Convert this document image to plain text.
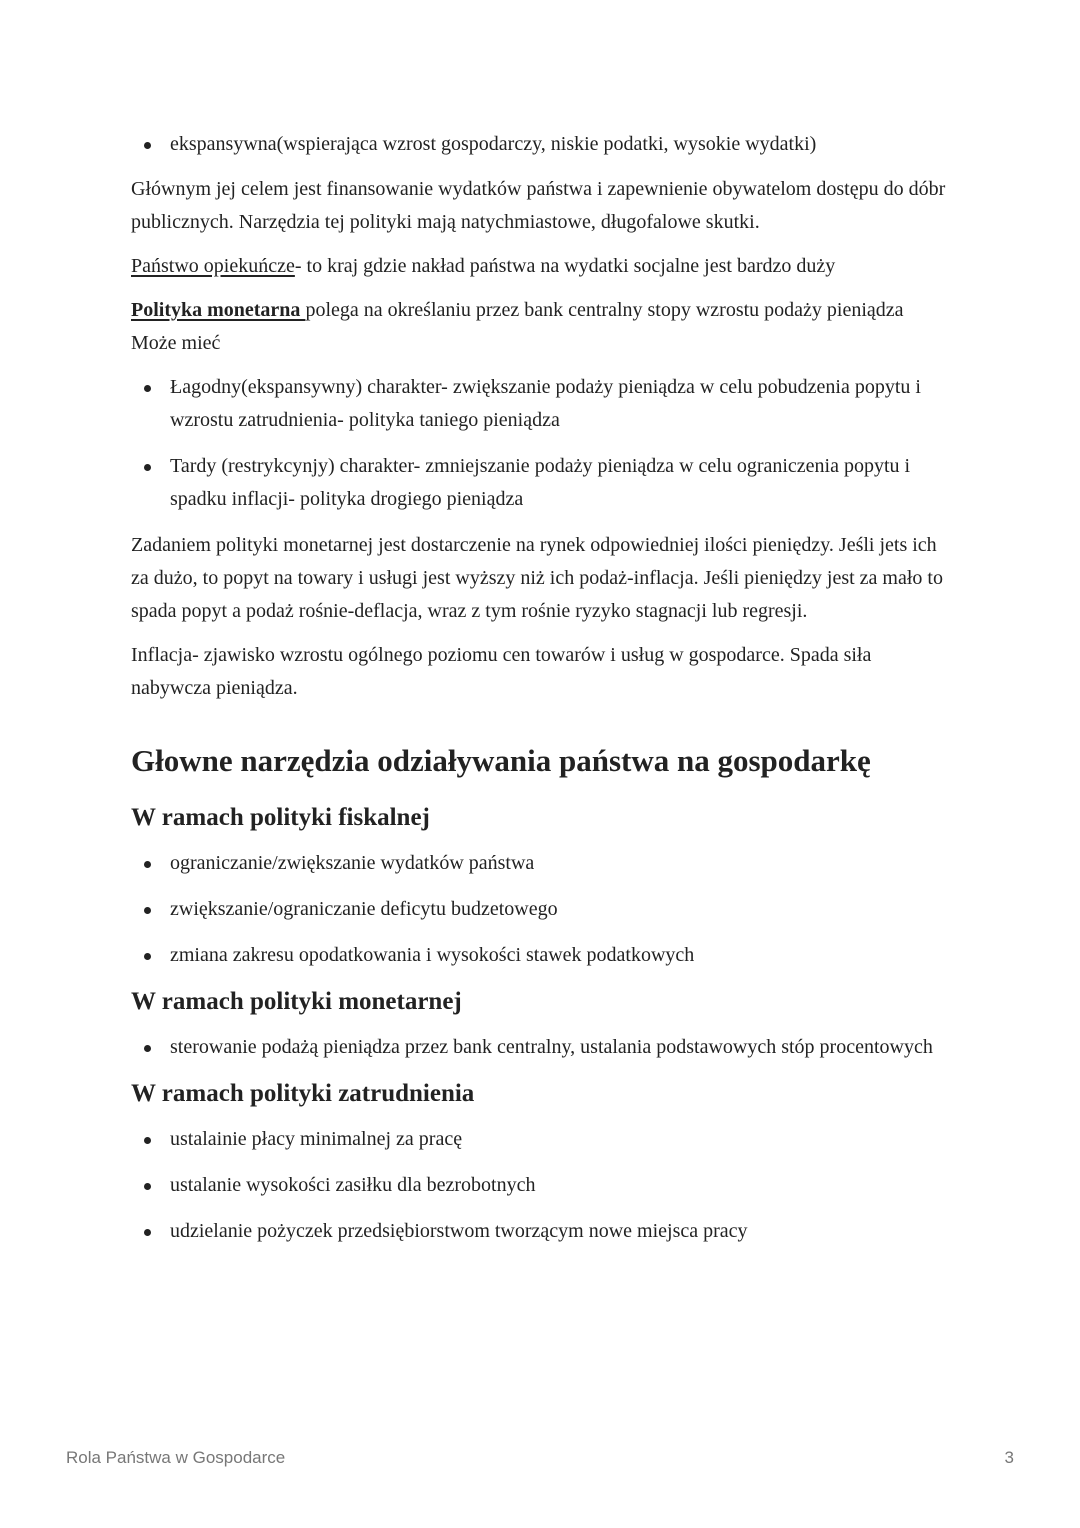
ekspansywna(wspierająca wzrost gospodarczy, niskie podatki, wysokie wydatki)

Głównym jej celem jest finansowanie wydatków państwa i zapewnienie obywatelom dostępu do dóbr publicznych. Narzędzia tej polityki mają natychmiastowe, długofalowe skutki.

Państwo opiekuńcze- to kraj gdzie nakład państwa na wydatki socjalne jest bardzo duży

Polityka monetarna polega na określaniu przez bank centralny stopy wzrostu podaży pieniądza Może mieć

Łagodny(ekspansywny) charakter- zwiększanie podaży pieniądza w celu pobudzenia popytu i wzrostu zatrudnienia- polityka taniego pieniądza
Tardy (restrykcynjy) charakter- zmniejszanie podaży pieniądza w celu ograniczenia popytu i spadku inflacji- polityka drogiego pieniądza

Zadaniem polityki monetarnej jest dostarczenie na rynek odpowiedniej ilości pieniędzy. Jeśli jets ich za dużo, to popyt na towary i usługi jest wyższy niż ich podaż-inflacja. Jeśli pieniędzy jest za mało to spada popyt a podaż rośnie-deflacja, wraz z tym rośnie ryzyko stagnacji lub regresji.

Inflacja- zjawisko wzrostu ogólnego poziomu cen towarów i usług w gospodarce. Spada siła nabywcza pieniądza.

Głowne narzędzia odziaływania państwa na gospodarkę
W ramach polityki fiskalnej
ograniczanie/zwiększanie wydatków państwa
zwiększanie/ograniczanie deficytu budzetowego
zmiana zakresu opodatkowania i wysokości stawek podatkowych
W ramach polityki monetarnej
sterowanie podażą pieniądza przez bank centralny, ustalania podstawowych stóp procentowych
W ramach polityki zatrudnienia
ustalainie płacy minimalnej za pracę
ustalanie wysokości zasiłku dla bezrobotnych
udzielanie pożyczek przedsiębiorstwom tworzącym nowe miejsca pracy
Rola Państwa w Gospodarce	3
